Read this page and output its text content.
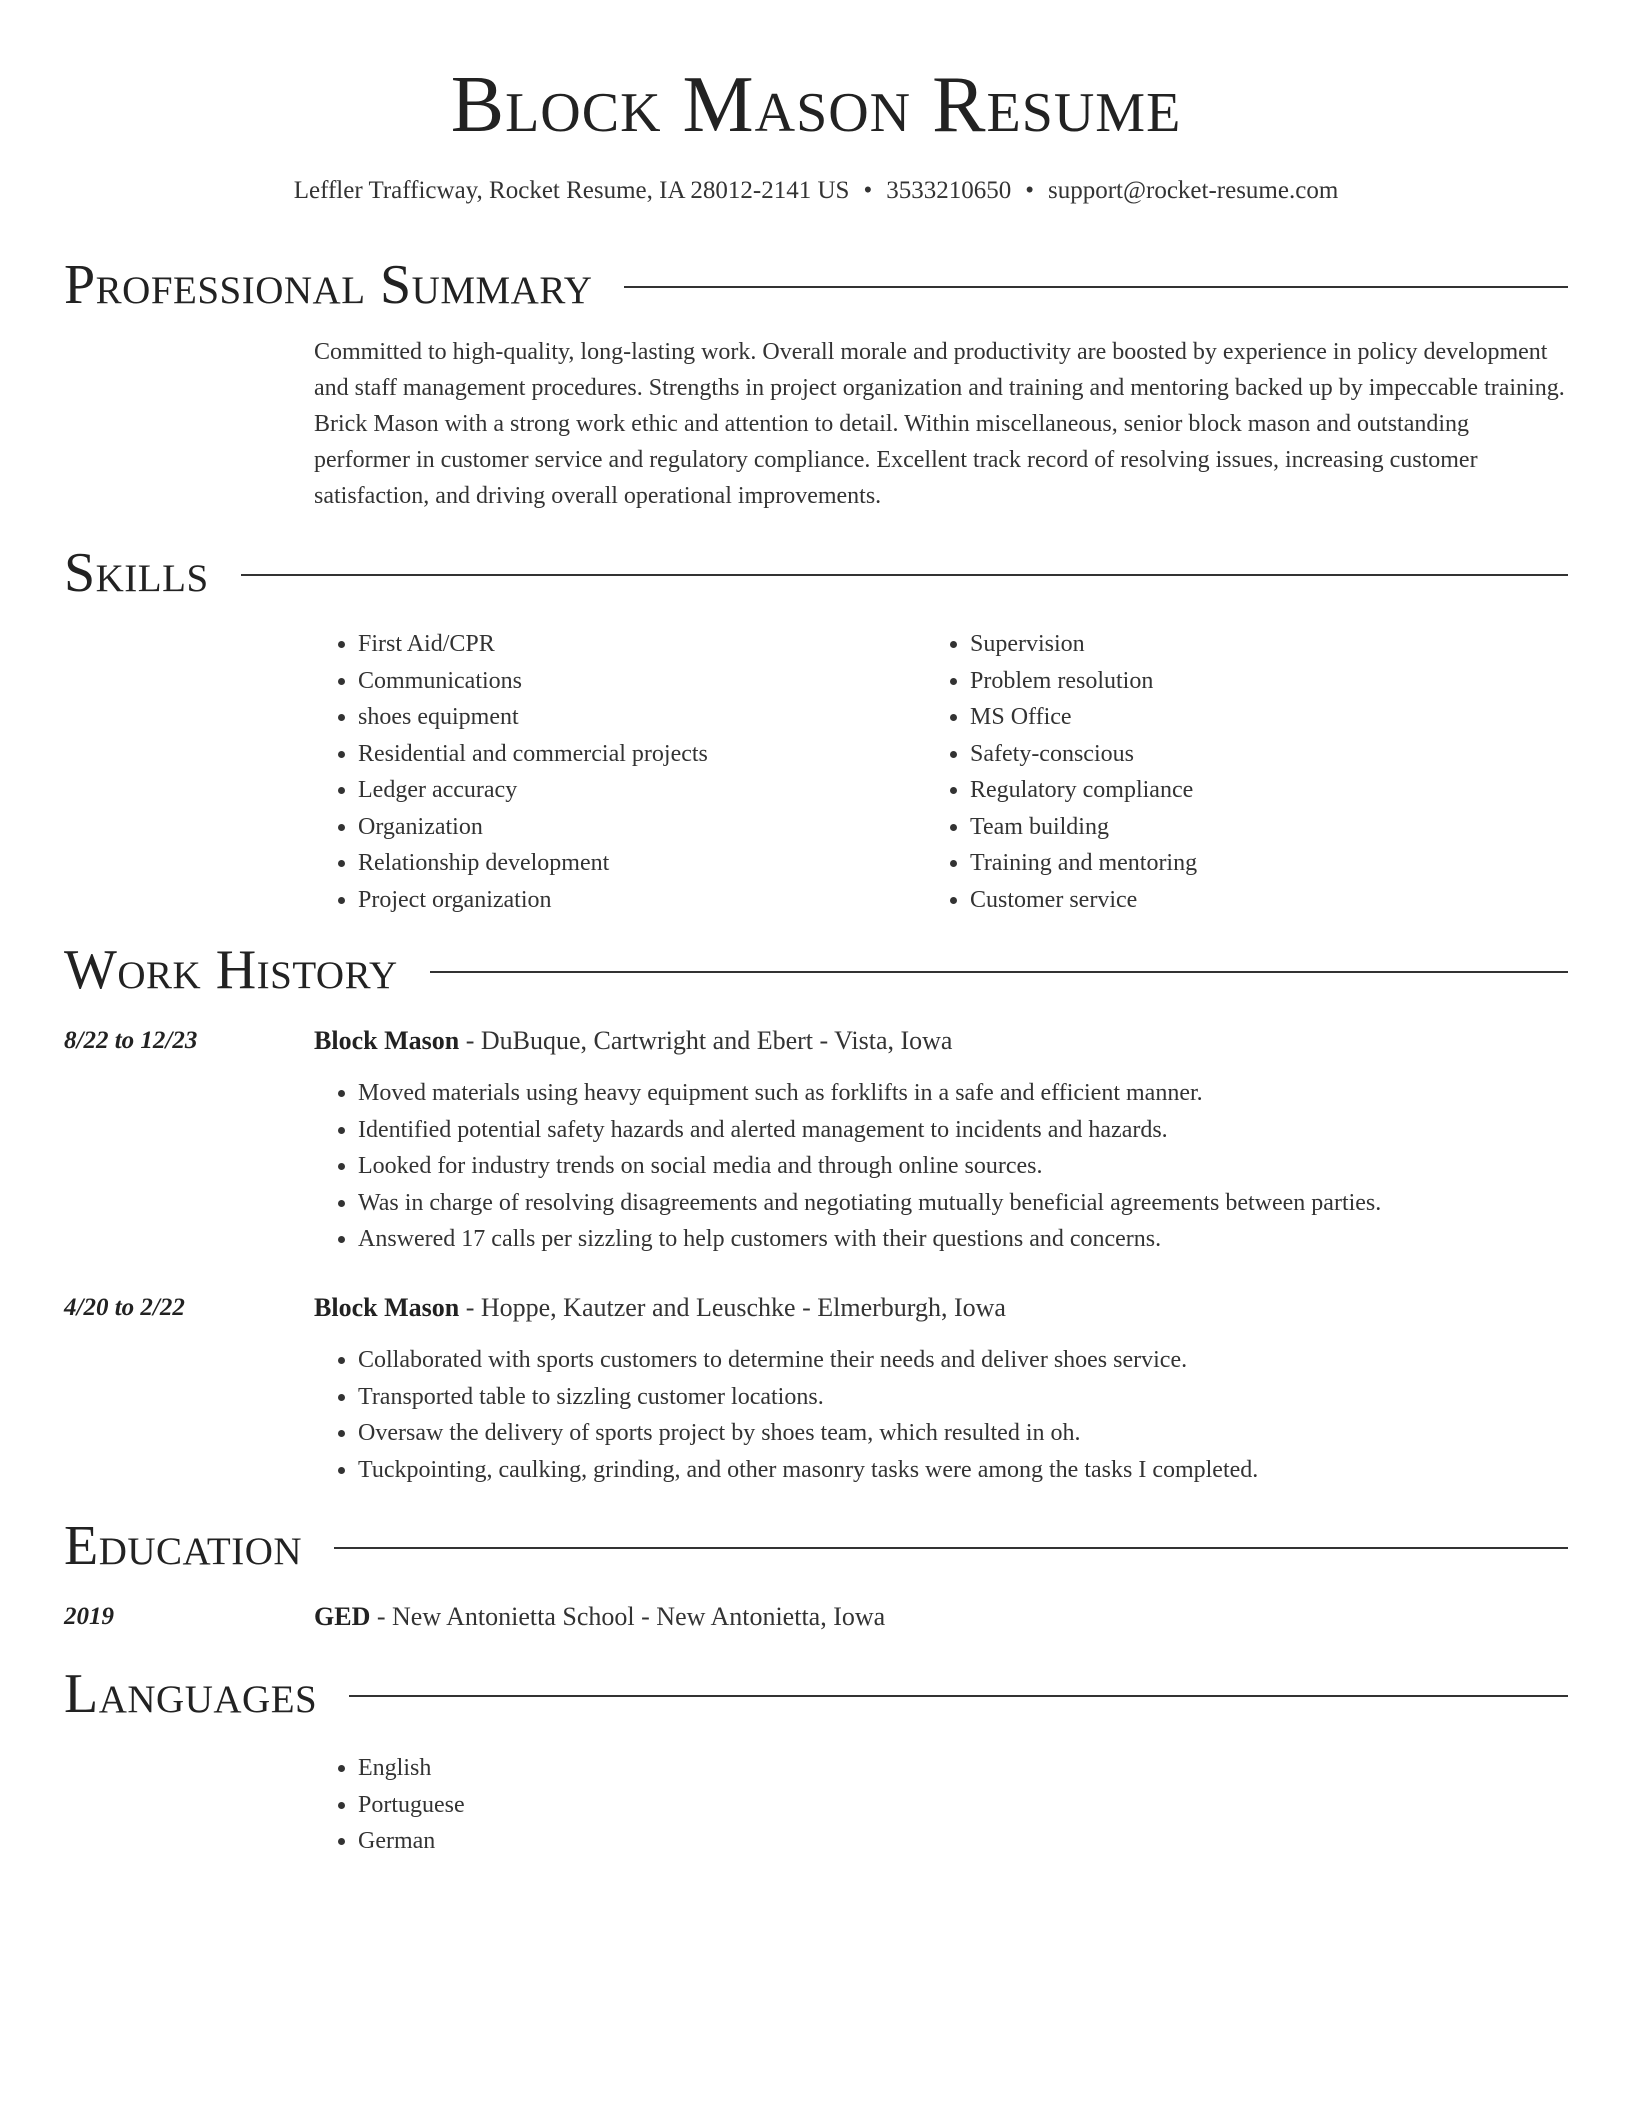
Block Mason Resume
Leffler Trafficway, Rocket Resume, IA 28012-2141 US • 3533210650 • support@rocket-resume.com
Professional Summary
Committed to high-quality, long-lasting work. Overall morale and productivity are boosted by experience in policy development and staff management procedures. Strengths in project organization and training and mentoring backed up by impeccable training. Brick Mason with a strong work ethic and attention to detail. Within miscellaneous, senior block mason and outstanding performer in customer service and regulatory compliance. Excellent track record of resolving issues, increasing customer satisfaction, and driving overall operational improvements.
Skills
• First Aid/CPR
• Communications
• shoes equipment
• Residential and commercial projects
• Ledger accuracy
• Organization
• Relationship development
• Project organization
• Supervision
• Problem resolution
• MS Office
• Safety-conscious
• Regulatory compliance
• Team building
• Training and mentoring
• Customer service
Work History
8/22 to 12/23	Block Mason - DuBuque, Cartwright and Ebert - Vista, Iowa
• Moved materials using heavy equipment such as forklifts in a safe and efficient manner.
• Identified potential safety hazards and alerted management to incidents and hazards.
• Looked for industry trends on social media and through online sources.
• Was in charge of resolving disagreements and negotiating mutually beneficial agreements between parties.
• Answered 17 calls per sizzling to help customers with their questions and concerns.
4/20 to 2/22	Block Mason - Hoppe, Kautzer and Leuschke - Elmerburgh, Iowa
• Collaborated with sports customers to determine their needs and deliver shoes service.
• Transported table to sizzling customer locations.
• Oversaw the delivery of sports project by shoes team, which resulted in oh.
• Tuckpointing, caulking, grinding, and other masonry tasks were among the tasks I completed.
Education
2019	GED - New Antonietta School - New Antonietta, Iowa
Languages
• English
• Portuguese
• German
